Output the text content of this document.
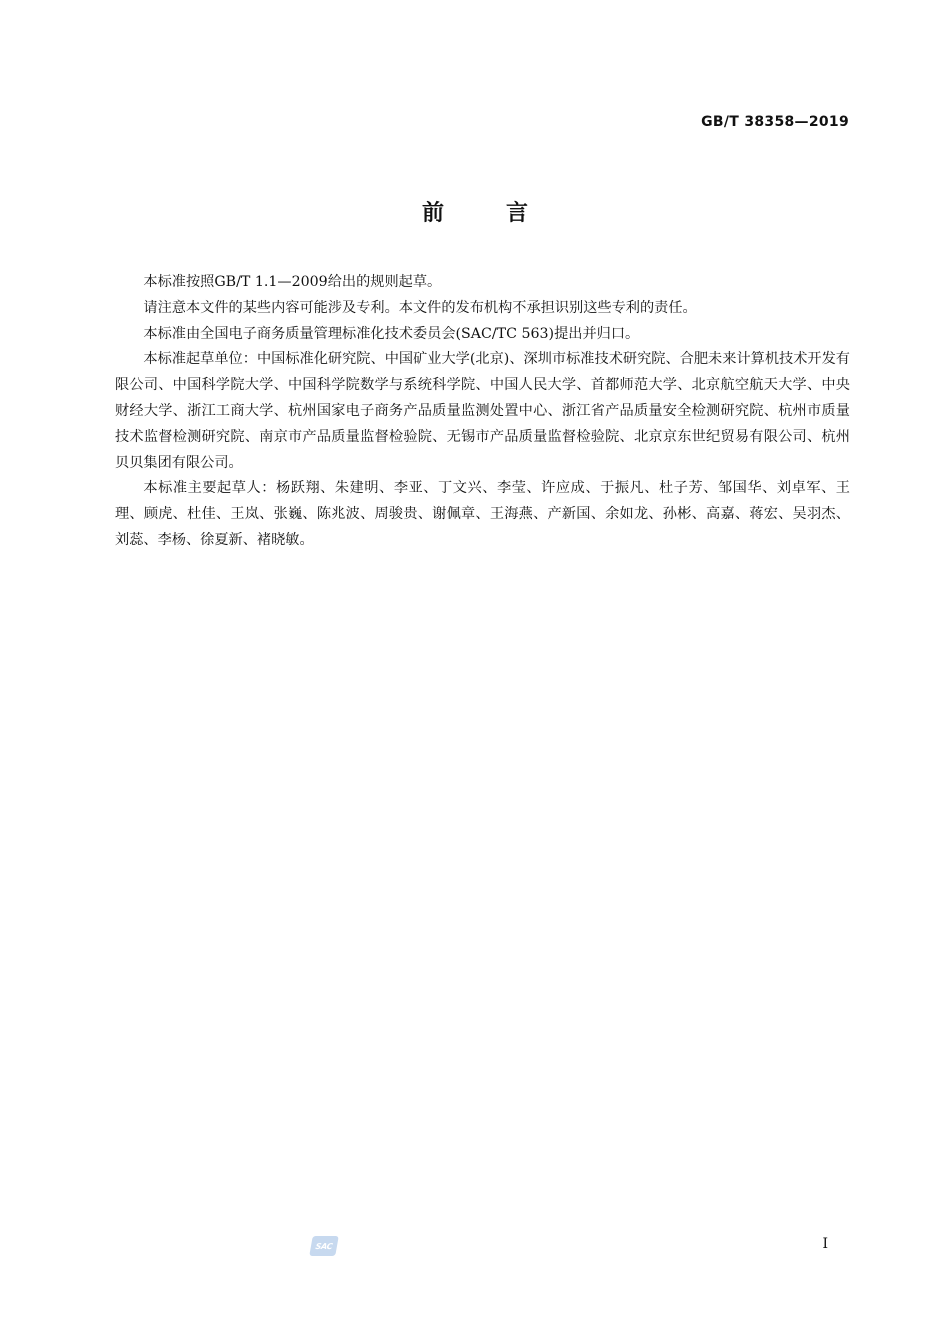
GB/T 38358—2019
前言

本标准按照GB/T 1.1—2009给出的规则起草。

请注意本文件的某些内容可能涉及专利。本文件的发布机构不承担识别这些专利的责任。

本标准由全国电子商务质量管理标准化技术委员会(SAC/TC 563)提出并归口。

本标准起草单位：中国标准化研究院、中国矿业大学(北京)、深圳市标准技术研究院、合肥未来计算机技术开发有限公司、中国科学院大学、中国科学院数学与系统科学院、中国人民大学、首都师范大学、北京航空航天大学、中央财经大学、浙江工商大学、杭州国家电子商务产品质量监测处置中心、浙江省产品质量安全检测研究院、杭州市质量技术监督检测研究院、南京市产品质量监督检验院、无锡市产品质量监督检验院、北京京东世纪贸易有限公司、杭州贝贝集团有限公司。

本标准主要起草人：杨跃翔、朱建明、李亚、丁文兴、李莹、许应成、于振凡、杜子芳、邹国华、刘卓军、王理、顾虎、杜佳、王岚、张巍、陈兆波、周骏贵、谢佩章、王海燕、产新国、余如龙、孙彬、高嘉、蒋宏、吴羽杰、刘蕊、李杨、徐夏新、褚晓敏。

SAC	I
